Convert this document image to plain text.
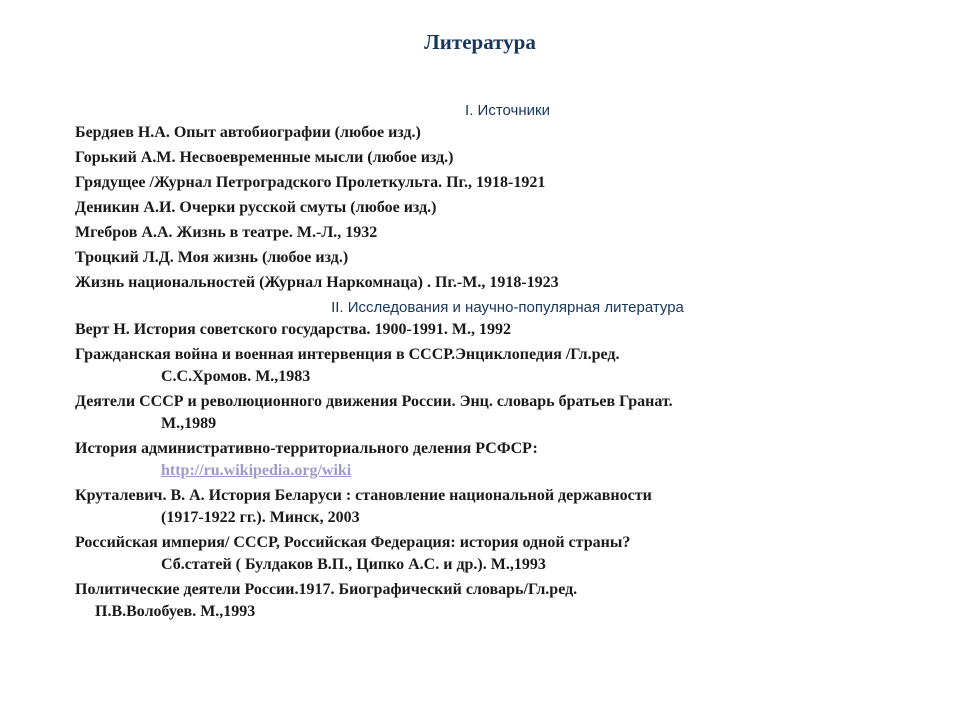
Литература
I. Источники
Бердяев Н.А. Опыт автобиографии (любое изд.)
Горький А.М. Несвоевременные мысли (любое изд.)
Грядущее /Журнал Петроградского Пролеткульта. Пг., 1918-1921
Деникин А.И. Очерки русской смуты (любое изд.)
Мгебров А.А. Жизнь в театре. М.-Л., 1932
Троцкий Л.Д. Моя жизнь (любое изд.)
Жизнь национальностей (Журнал Наркомнаца) . Пг.-М., 1918-1923
II. Исследования и научно-популярная литература
Верт Н. История советского государства. 1900-1991. М., 1992
Гражданская война и военная интервенция в СССР.Энциклопедия /Гл.ред.
С.С.Хромов. М.,1983
Деятели СССР и революционного движения России. Энц. словарь братьев Гранат.
М.,1989
История административно-территориального деления РСФСР:
http://ru.wikipedia.org/wiki
Круталевич. В. А. История Беларуси : становление национальной державности
(1917-1922 гг.). Минск, 2003
Российская империя/ СССР, Российская Федерация: история одной страны?
Сб.статей ( Булдаков В.П., Ципко А.С. и др.). М.,1993
Политические деятели России.1917. Биографический словарь/Гл.ред.
П.В.Волобуев. М.,1993
